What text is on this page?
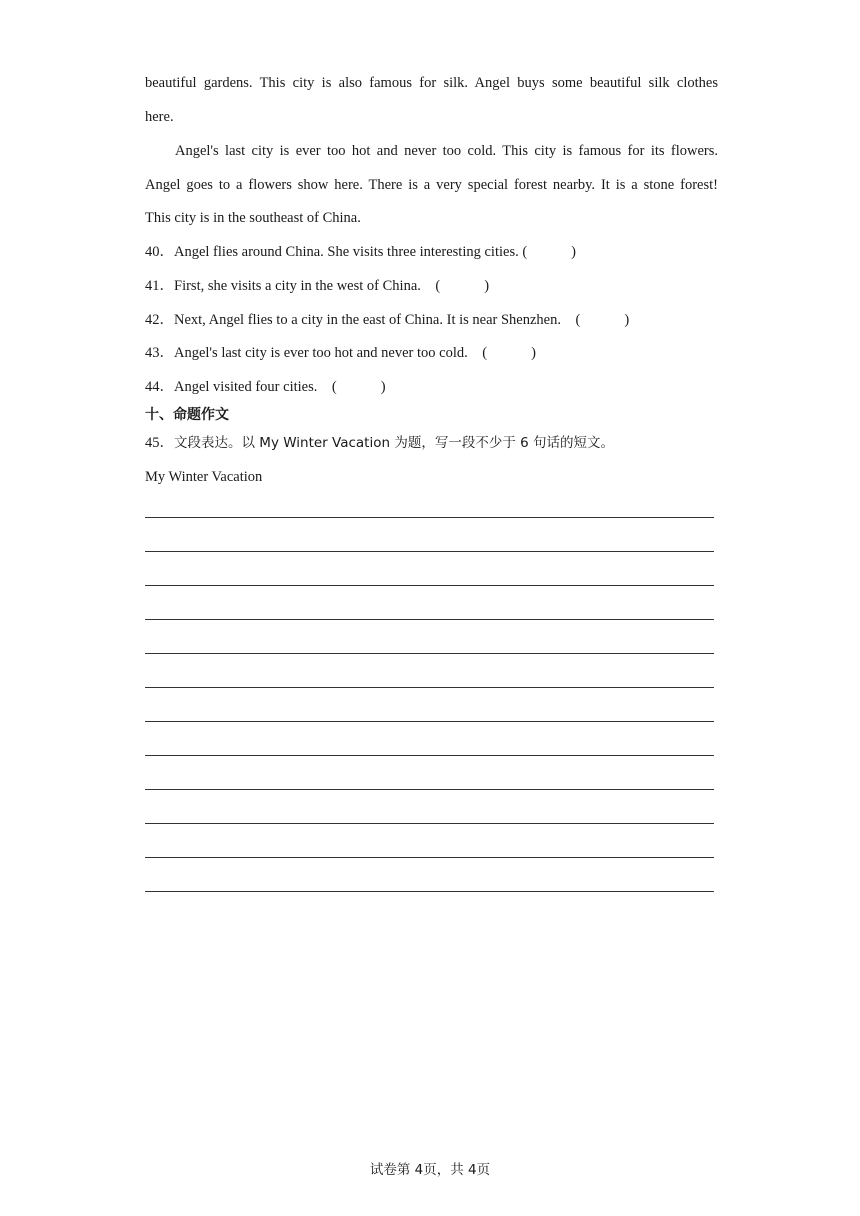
beautiful gardens. This city is also famous for silk. Angel buys some beautiful silk clothes
here.
Angel's last city is ever too hot and never too cold. This city is famous for its flowers.
Angel goes to a flowers show here. There is a very special forest nearby. It is a stone forest!
This city is in the southeast of China.
40．Angel flies around China. She visits three interesting cities. (	)
41．First, she visits a city in the west of China.    (	)
42．Next, Angel flies to a city in the east of China. It is near Shenzhen.    (	)
43．Angel's last city is ever too hot and never too cold.    (	)
44．Angel visited four cities.    (	)
十、命题作文
45．文段表达。以 My Winter Vacation 为题，写一段不少于 6 句话的短文。
My Winter Vacation
试卷第 4页，共 4页
